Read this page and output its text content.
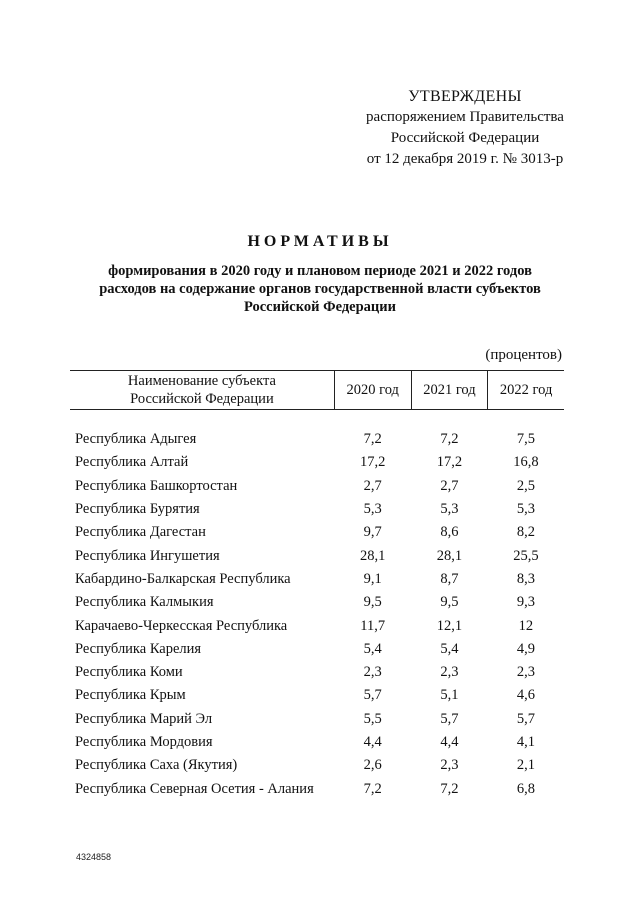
УТВЕРЖДЕНЫ
распоряжением Правительства
Российской Федерации
от 12 декабря 2019 г. № 3013-р
НОРМАТИВЫ
формирования в 2020 году и плановом периоде 2021 и 2022 годов
расходов на содержание органов государственной власти субъектов
Российской Федерации
(процентов)
Наименование субъекта
Российской Федерации	2020 год	2021 год	2022 год

Республика Адыгея	7,2	7,2	7,5
Республика Алтай	17,2	17,2	16,8
Республика Башкортостан	2,7	2,7	2,5
Республика Бурятия	5,3	5,3	5,3
Республика Дагестан	9,7	8,6	8,2
Республика Ингушетия	28,1	28,1	25,5
Кабардино-Балкарская Республика	9,1	8,7	8,3
Республика Калмыкия	9,5	9,5	9,3
Карачаево-Черкесская Республика	11,7	12,1	12
Республика Карелия	5,4	5,4	4,9
Республика Коми	2,3	2,3	2,3
Республика Крым	5,7	5,1	4,6
Республика Марий Эл	5,5	5,7	5,7
Республика Мордовия	4,4	4,4	4,1
Республика Саха (Якутия)	2,6	2,3	2,1
Республика Северная Осетия - Алания	7,2	7,2	6,8
4324858
